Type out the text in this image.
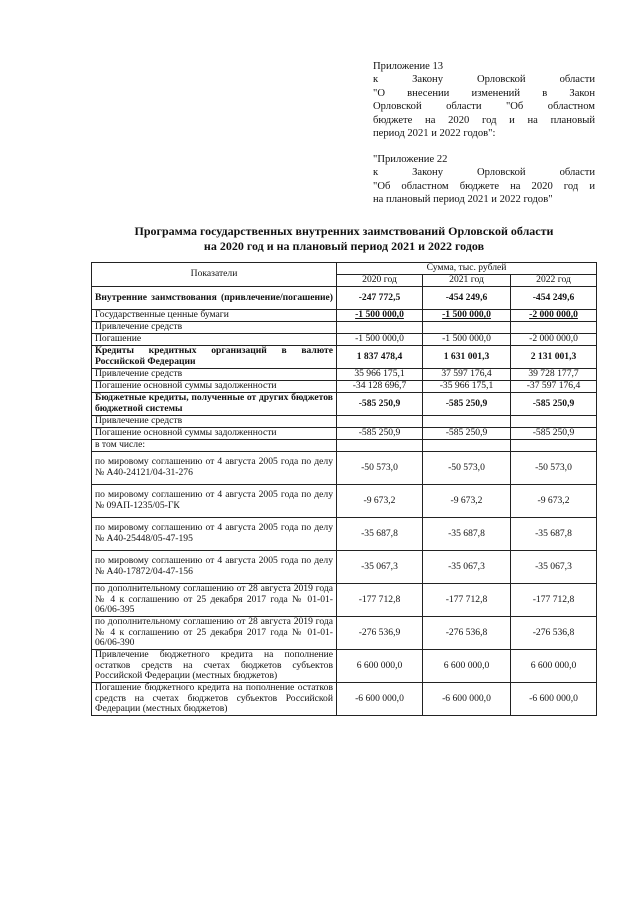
Приложение 13

к Закону Орловской области

"О внесении изменений в Закон

Орловской области "Об областном

бюджете на 2020 год и на плановый

период 2021 и 2022 годов":

"Приложение 22

к Закону Орловской области

"Об областном бюджете на 2020 год и

на плановый период 2021 и 2022 годов"

Программа государственных внутренних заимствований Орловской области
на 2020 год и на плановый период 2021 и 2022 годов
Показатели	Сумма, тыс. рублей		
	2020 год	2021 год	2022 год
Внутренние заимствования (привлечение/погашение)	-247 772,5	-454 249,6	-454 249,6
Государственные ценные бумаги	-1 500 000,0	-1 500 000,0	-2 000 000,0
Привлечение средств			
Погашение	-1 500 000,0	-1 500 000,0	-2 000 000,0
Кредиты кредитных организаций в валюте Российской Федерации	1 837 478,4	1 631 001,3	2 131 001,3
Привлечение средств	35 966 175,1	37 597 176,4	39 728 177,7
Погашение основной суммы задолженности	-34 128 696,7	-35 966 175,1	-37 597 176,4
Бюджетные кредиты, полученные от других бюджетов бюджетной системы	-585 250,9	-585 250,9	-585 250,9
Привлечение средств			
Погашение основной суммы задолженности	-585 250,9	-585 250,9	-585 250,9
в том числе:			
по мировому соглашению от 4 августа 2005 года по делу № А40-24121/04-31-276	-50 573,0	-50 573,0	-50 573,0
по мировому соглашению от 4 августа 2005 года по делу № 09АП-1235/05-ГК	-9 673,2	-9 673,2	-9 673,2
по мировому соглашению от 4 августа 2005 года по делу № А40-25448/05-47-195	-35 687,8	-35 687,8	-35 687,8
по мировому соглашению от 4 августа 2005 года по делу № А40-17872/04-47-156	-35 067,3	-35 067,3	-35 067,3
по дополнительному соглашению от 28 августа 2019 года № 4 к соглашению от 25 декабря 2017 года № 01-01-06/06-395	-177 712,8	-177 712,8	-177 712,8
по дополнительному соглашению от 28 августа 2019 года № 4 к соглашению от 25 декабря 2017 года № 01-01-06/06-390	-276 536,9	-276 536,8	-276 536,8
Привлечение бюджетного кредита на пополнение остатков средств на счетах бюджетов субъектов Российской Федерации (местных бюджетов)	6 600 000,0	6 600 000,0	6 600 000,0
Погашение бюджетного кредита на пополнение остатков средств на счетах бюджетов субъектов Российской Федерации (местных бюджетов)	-6 600 000,0	-6 600 000,0	-6 600 000,0
